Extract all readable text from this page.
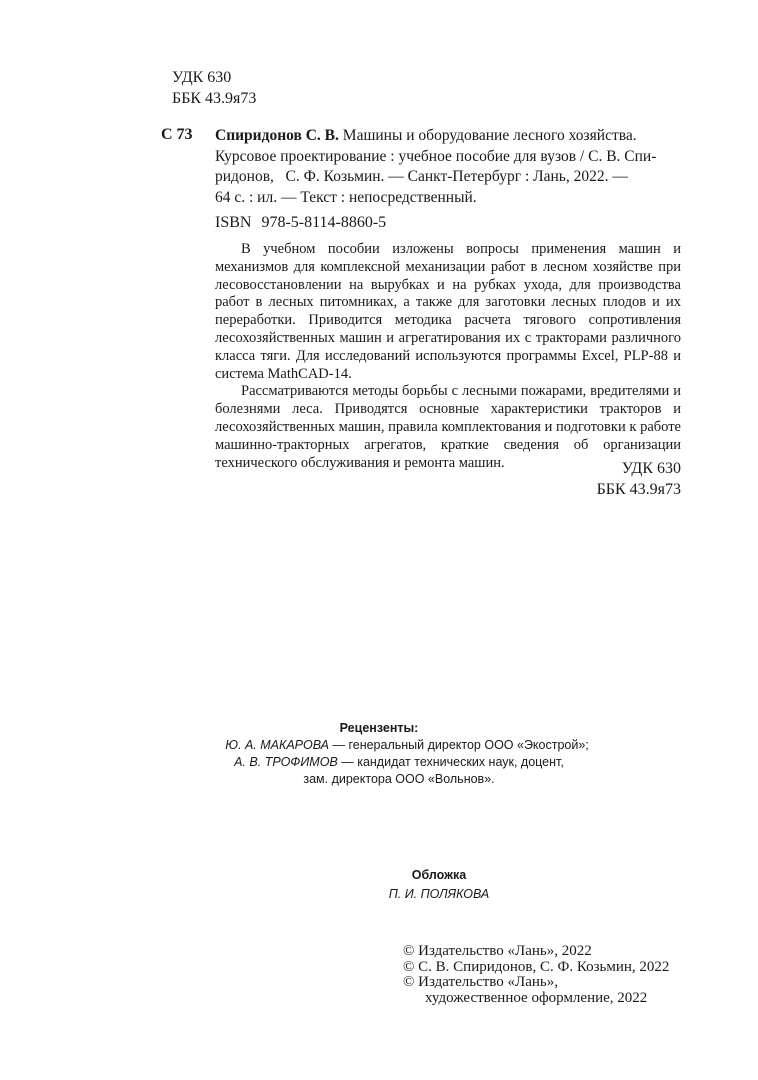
УДК 630
ББК 43.9я73
С 73 Спиридонов С. В. Машины и оборудование лесного хозяйства.
Курсовое проектирование : учебное пособие для вузов / С. В. Спи-
ридонов,   С. Ф. Козьмин. — Санкт-Петербург : Лань, 2022. —
64 с. : ил. — Текст : непосредственный.
ISBN 978-5-8114-8860-5

В учебном пособии изложены вопросы применения машин и механизмов для комплексной механизации работ в лесном хозяйстве при лесовосстановлении на вырубках и на рубках ухода, для производства работ в лесных питомниках, а также для заготовки лесных плодов и их переработки. Приводится методика расчета тягового сопротивления лесохозяйственных машин и агрегатирования их с тракторами различного класса тяги. Для исследований используются программы Excel, PLP-88 и система MathCAD-14.

Рассматриваются методы борьбы с лесными пожарами, вредителями и болезнями леса. Приводятся основные характеристики тракторов и лесохозяйственных машин, правила комплектования и подготовки к работе машинно-тракторных агрегатов, краткие сведения об организации технического обслуживания и ремонта машин.	УДК 630
ББК 43.9я73
Рецензенты:
Ю. А. МАКАРОВА — генеральный директор ООО «Экострой»;
А. В. ТРОФИМОВ — кандидат технических наук, доцент,
зам. директора ООО «Вольнов».
Обложка
П. И. ПОЛЯКОВА
© Издательство «Лань», 2022
© С. В. Спиридонов, С. Ф. Козьмин, 2022
© Издательство «Лань»,
художественное оформление, 2022
